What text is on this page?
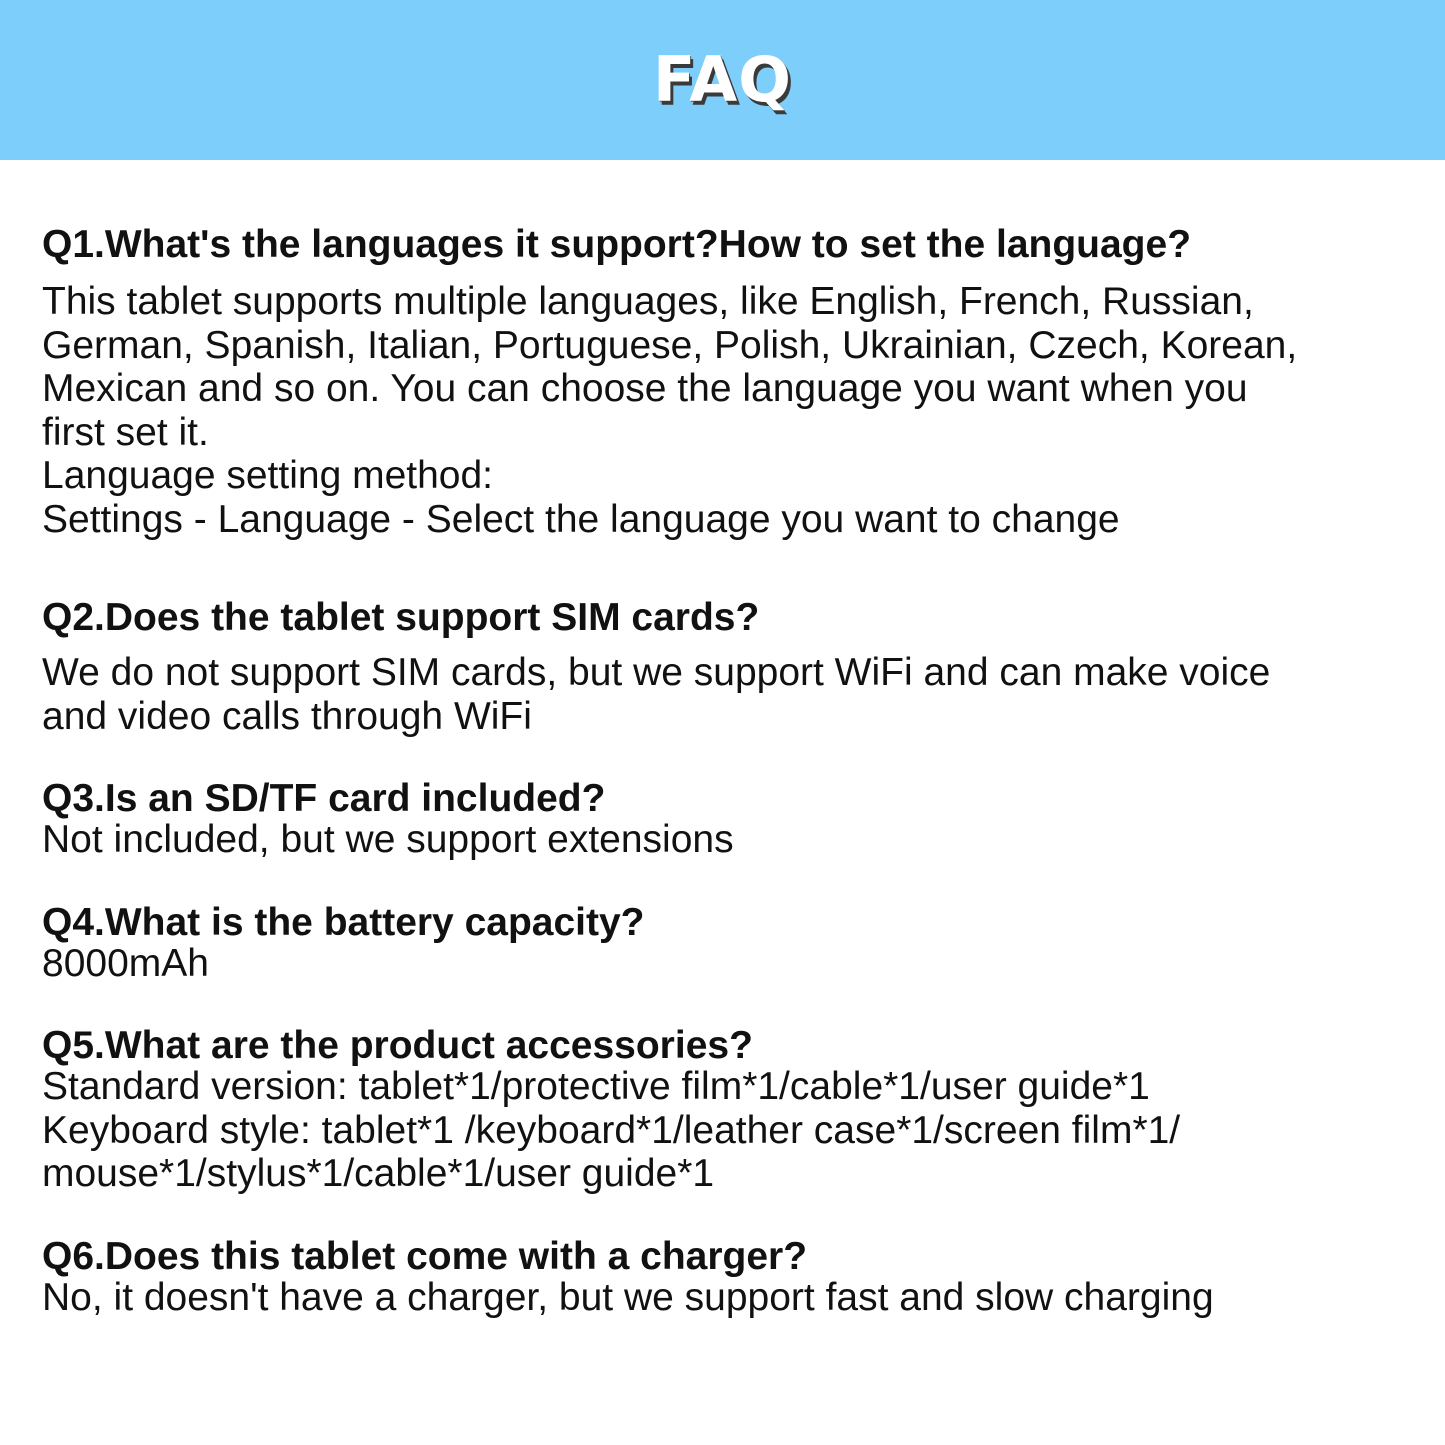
FAQ
Q1.What's the languages it support?How to set the language?
This tablet supports multiple languages, like English, French, Russian,
German, Spanish, Italian, Portuguese, Polish, Ukrainian, Czech, Korean,
Mexican and so on. You can choose the language you want when you
first set it.
Language setting method:
Settings - Language - Select the language you want to change
Q2.Does the tablet support SIM cards?
We do not support SIM cards, but we support WiFi and can make voice
and video calls through WiFi
Q3.Is an SD/TF card included?
Not included, but we support extensions
Q4.What is the battery capacity?
8000mAh
Q5.What are the product accessories?
Standard version: tablet*1/protective film*1/cable*1/user guide*1
Keyboard style: tablet*1 /keyboard*1/leather case*1/screen film*1/
mouse*1/stylus*1/cable*1/user guide*1
Q6.Does this tablet come with a charger?
No, it doesn't have a charger, but we support fast and slow charging
